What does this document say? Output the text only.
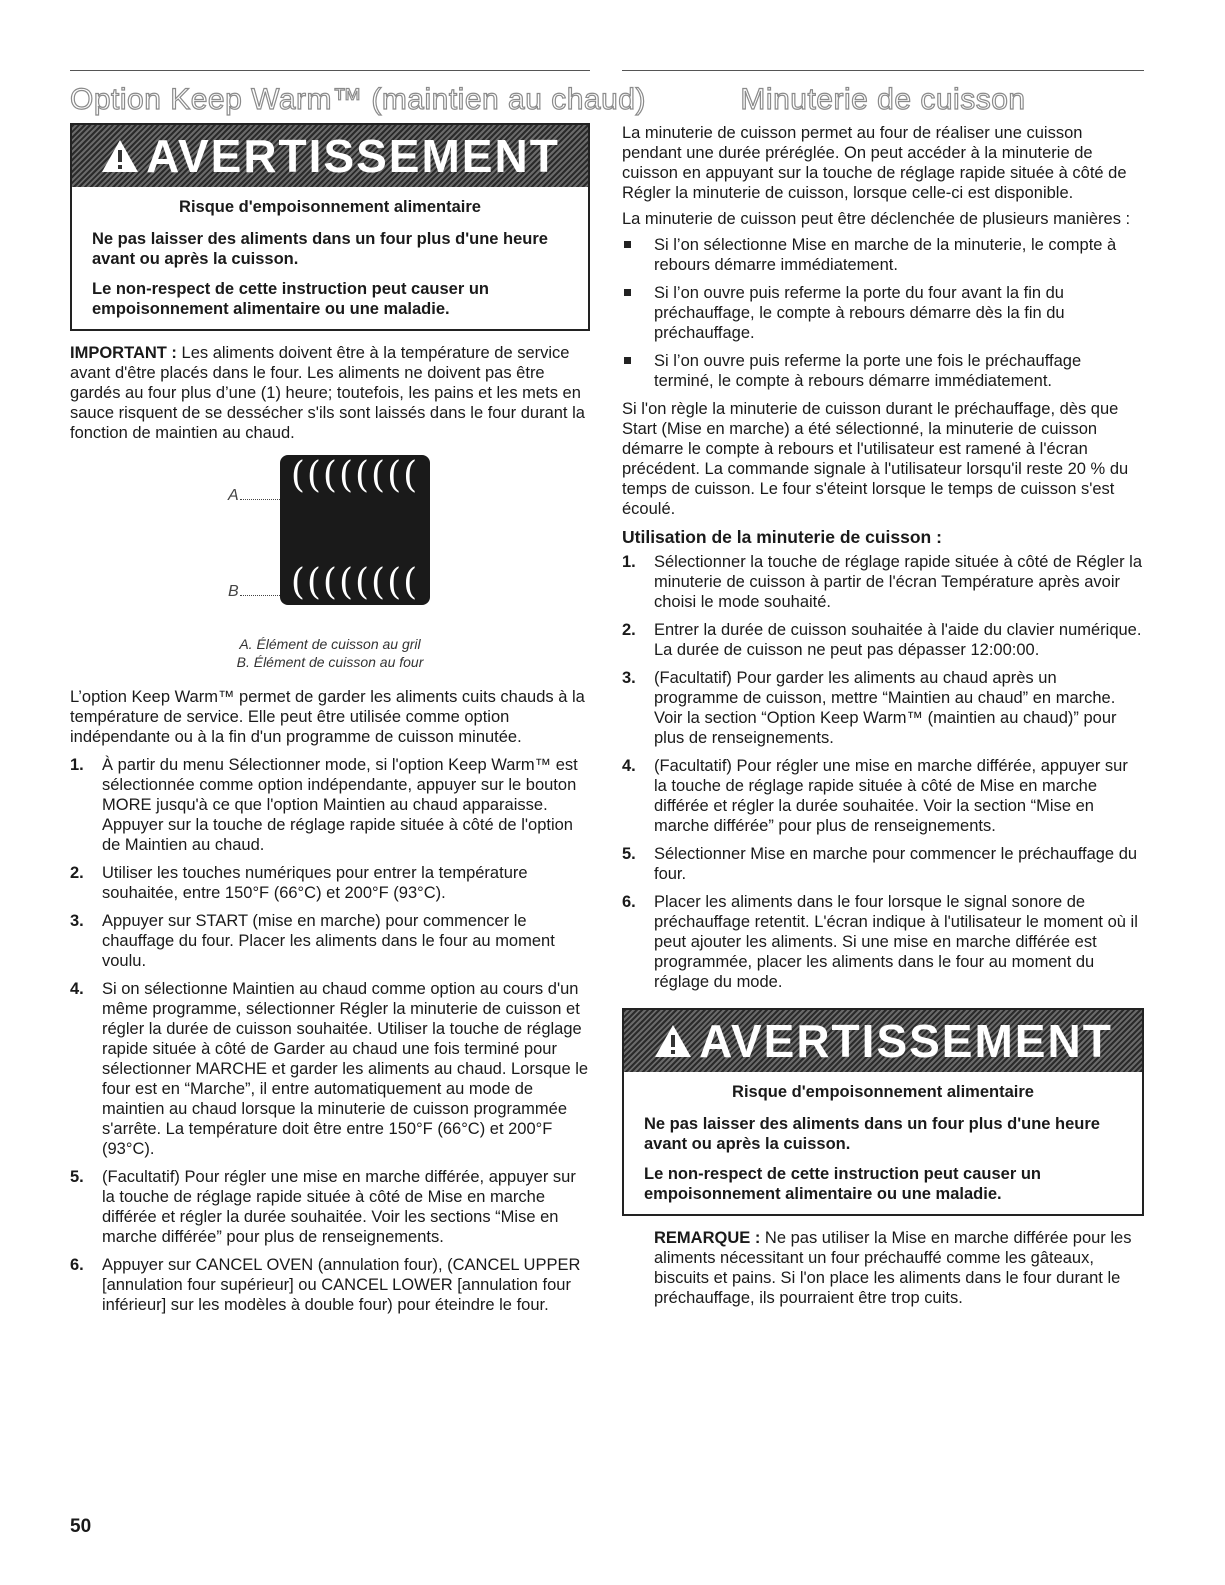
Option Keep Warm™ (maintien au chaud)
AVERTISSEMENT

Risque d'empoisonnement alimentaire

Ne pas laisser des aliments dans un four plus d'une heure avant ou après la cuisson.

Le non-respect de cette instruction peut causer un empoisonnement alimentaire ou une maladie.

IMPORTANT : Les aliments doivent être à la température de service avant d'être placés dans le four. Les aliments ne doivent pas être gardés au four plus d’une (1) heure; toutefois, les pains et les mets en sauce risquent de se dessécher s'ils sont laissés dans le four durant la fonction de maintien au chaud.

A
B
((((((((
((((((((
A. Élément de cuisson au gril
B. Élément de cuisson au four

L’option Keep Warm™ permet de garder les aliments cuits chauds à la température de service. Elle peut être utilisée comme option indépendante ou à la fin d'un programme de cuisson minutée.

1. À partir du menu Sélectionner mode, si l'option Keep Warm™ est sélectionnée comme option indépendante, appuyer sur le bouton MORE jusqu'à ce que l'option Maintien au chaud apparaisse. Appuyer sur la touche de réglage rapide située à côté de l'option de Maintien au chaud.
2. Utiliser les touches numériques pour entrer la température souhaitée, entre 150°F (66°C) et 200°F (93°C).
3. Appuyer sur START (mise en marche) pour commencer le chauffage du four. Placer les aliments dans le four au moment voulu.
4. Si on sélectionne Maintien au chaud comme option au cours d'un même programme, sélectionner Régler la minuterie de cuisson et régler la durée de cuisson souhaitée. Utiliser la touche de réglage rapide située à côté de Garder au chaud une fois terminé pour sélectionner MARCHE et garder les aliments au chaud. Lorsque le four est en “Marche”, il entre automatiquement au mode de maintien au chaud lorsque la minuterie de cuisson programmée s'arrête. La température doit être entre 150°F (66°C) et 200°F (93°C).
5. (Facultatif) Pour régler une mise en marche différée, appuyer sur la touche de réglage rapide située à côté de Mise en marche différée et régler la durée souhaitée. Voir les sections “Mise en marche différée” pour plus de renseignements.
6. Appuyer sur CANCEL OVEN (annulation four), (CANCEL UPPER [annulation four supérieur] ou CANCEL LOWER [annulation four inférieur] sur les modèles à double four) pour éteindre le four.
Minuterie de cuisson

La minuterie de cuisson permet au four de réaliser une cuisson pendant une durée préréglée. On peut accéder à la minuterie de cuisson en appuyant sur la touche de réglage rapide située à côté de Régler la minuterie de cuisson, lorsque celle-ci est disponible.

La minuterie de cuisson peut être déclenchée de plusieurs manières :

Si l’on sélectionne Mise en marche de la minuterie, le compte à rebours démarre immédiatement.
Si l’on ouvre puis referme la porte du four avant la fin du préchauffage, le compte à rebours démarre dès la fin du préchauffage.
Si l’on ouvre puis referme la porte une fois le préchauffage terminé, le compte à rebours démarre immédiatement.

Si l'on règle la minuterie de cuisson durant le préchauffage, dès que Start (Mise en marche) a été sélectionné, la minuterie de cuisson démarre le compte à rebours et l'utilisateur est ramené à l'écran précédent. La commande signale à l'utilisateur lorsqu'il reste 20 % du temps de cuisson. Le four s'éteint lorsque le temps de cuisson s'est écoulé.

Utilisation de la minuterie de cuisson :
1. Sélectionner la touche de réglage rapide située à côté de Régler la minuterie de cuisson à partir de l'écran Température après avoir choisi le mode souhaité.
2. Entrer la durée de cuisson souhaitée à l'aide du clavier numérique. La durée de cuisson ne peut pas dépasser 12:00:00.
3. (Facultatif) Pour garder les aliments au chaud après un programme de cuisson, mettre “Maintien au chaud” en marche. Voir la section “Option Keep Warm™ (maintien au chaud)” pour plus de renseignements.
4. (Facultatif) Pour régler une mise en marche différée, appuyer sur la touche de réglage rapide située à côté de Mise en marche différée et régler la durée souhaitée. Voir la section “Mise en marche différée” pour plus de renseignements.
5. Sélectionner Mise en marche pour commencer le préchauffage du four.
6. Placer les aliments dans le four lorsque le signal sonore de préchauffage retentit. L'écran indique à l'utilisateur le moment où il peut ajouter les aliments. Si une mise en marche différée est programmée, placer les aliments dans le four au moment du réglage du mode.
AVERTISSEMENT

Risque d'empoisonnement alimentaire

Ne pas laisser des aliments dans un four plus d'une heure avant ou après la cuisson.

Le non-respect de cette instruction peut causer un empoisonnement alimentaire ou une maladie.

REMARQUE : Ne pas utiliser la Mise en marche différée pour les aliments nécessitant un four préchauffé comme les gâteaux, biscuits et pains. Si l'on place les aliments dans le four durant le préchauffage, ils pourraient être trop cuits.

50
